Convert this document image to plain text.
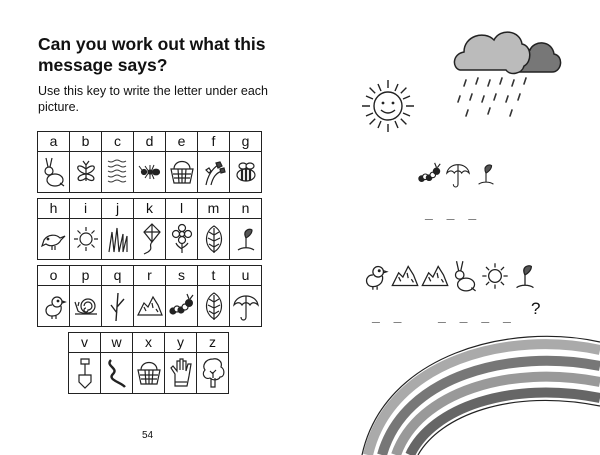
Can you work out what this message says?

Use this key to write the letter under each picture.

a	b	c	d	e	f	g
h	i	j	k	l	m	n
o	p	q	r	s	t	u
v	w	x	y	z
_ _ _
_ _	_ _ _ _ ?
54
